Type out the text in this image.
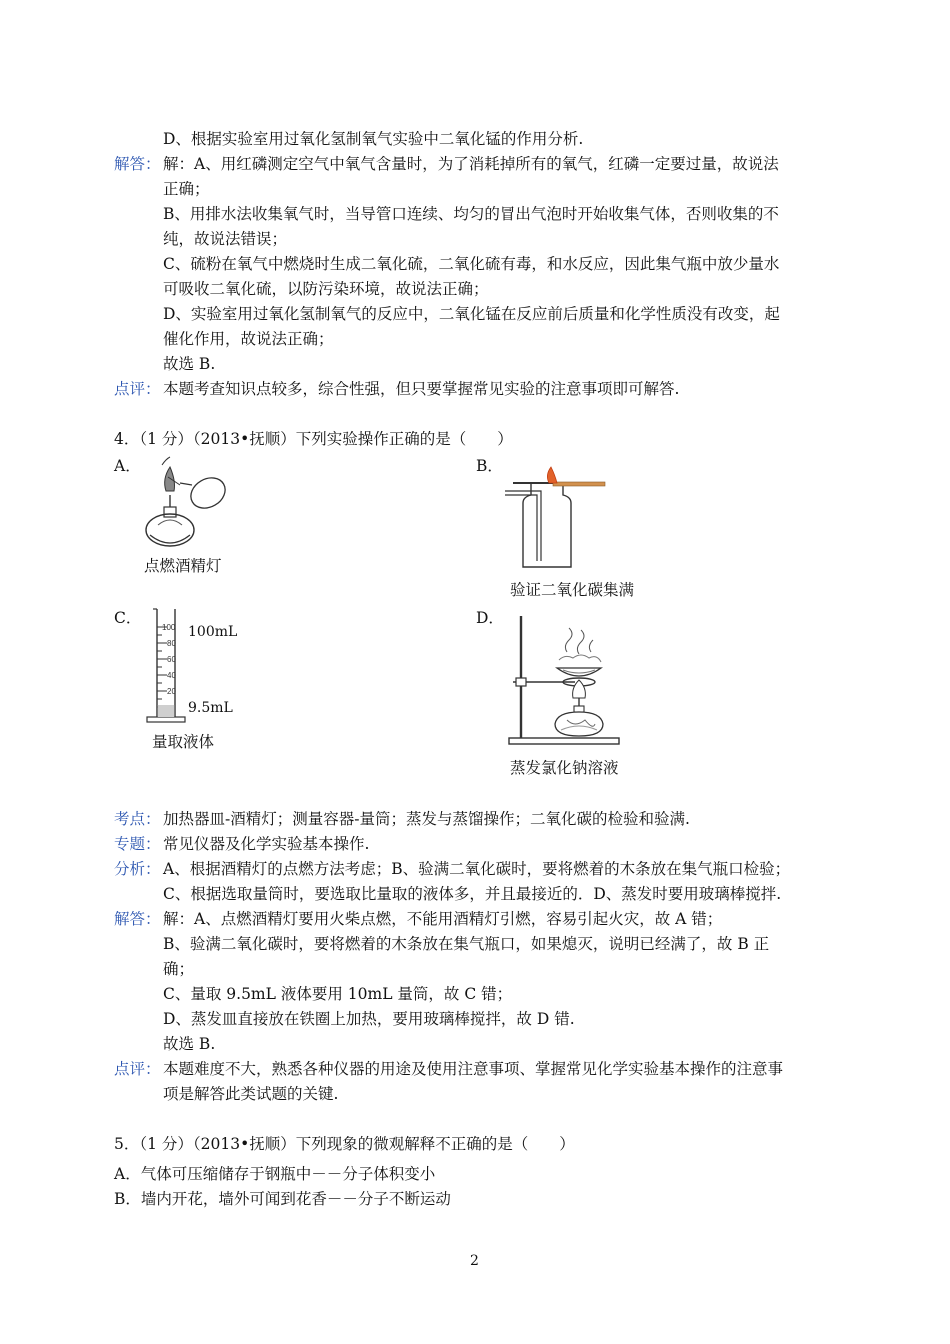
D、根据实验室用过氧化氢制氧气实验中二氧化锰的作用分析.
解答： 解：A、用红磷测定空气中氧气含量时，为了消耗掉所有的氧气，红磷一定要过量，故说法
正确；
B、用排水法收集氧气时，当导管口连续、均匀的冒出气泡时开始收集气体，否则收集的不
纯，故说法错误；
C、硫粉在氧气中燃烧时生成二氧化硫，二氧化硫有毒，和水反应，因此集气瓶中放少量水
可吸收二氧化硫，以防污染环境，故说法正确；
D、实验室用过氧化氢制氧气的反应中，二氧化锰在反应前后质量和化学性质没有改变，起
催化作用，故说法正确；
故选 B.
点评： 本题考查知识点较多，综合性强，但只要掌握常见实验的注意事项即可解答.
4．（1 分）（2013•抚顺）下列实验操作正确的是（　　）
A．
点燃酒精灯
B．
验证二氧化碳集满
C．
100
80
60
40
20
100mL
9.5mL
量取液体
D．
蒸发氯化钠溶液
考点： 加热器皿-酒精灯；测量容器-量筒；蒸发与蒸馏操作；二氧化碳的检验和验满.
专题： 常见仪器及化学实验基本操作.
分析： A、根据酒精灯的点燃方法考虑；B、验满二氧化碳时，要将燃着的木条放在集气瓶口检验；
C、根据选取量筒时，要选取比量取的液体多，并且最接近的．D、蒸发时要用玻璃棒搅拌.
解答： 解：A、点燃酒精灯要用火柴点燃，不能用酒精灯引燃，容易引起火灾，故 A 错；
B、验满二氧化碳时，要将燃着的木条放在集气瓶口，如果熄灭，说明已经满了，故 B 正
确；
C、量取 9.5mL 液体要用 10mL 量筒，故 C 错；
D、蒸发皿直接放在铁圈上加热，要用玻璃棒搅拌，故 D 错.
故选 B.
点评： 本题难度不大，熟悉各种仪器的用途及使用注意事项、掌握常见化学实验基本操作的注意事
项是解答此类试题的关键.
5．（1 分）（2013•抚顺）下列现象的微观解释不正确的是（　　）
A．气体可压缩储存于钢瓶中－－分子体积变小
B．墙内开花，墙外可闻到花香－－分子不断运动
2
